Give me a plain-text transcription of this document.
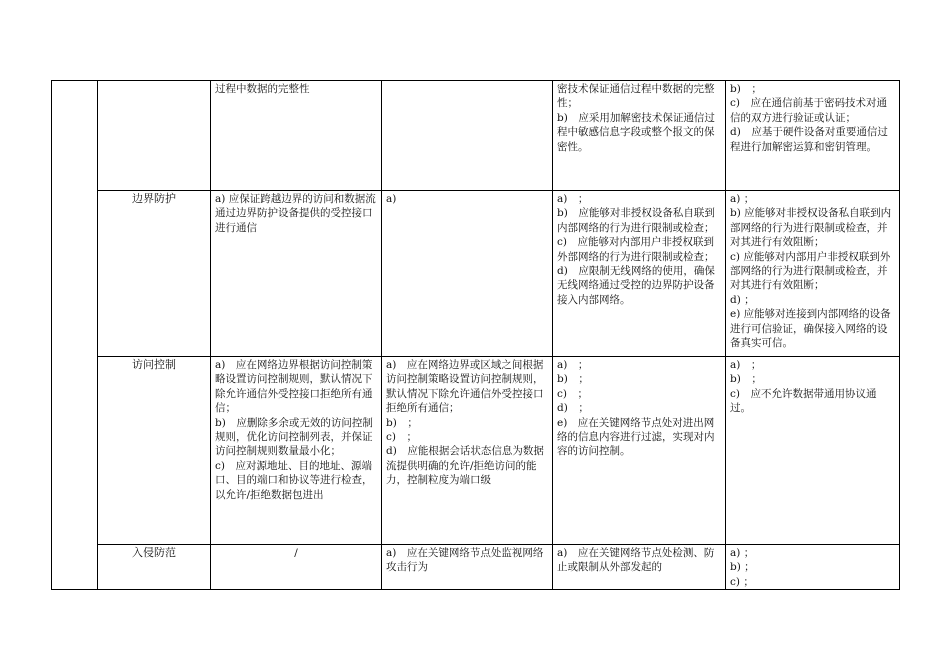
		过程中数据的完整性		密技术保证通信过程中数据的完整性；
b)　应采用加解密技术保证通信过程中敏感信息字段或整个报文的保密性。	b)　；
c)　应在通信前基于密码技术对通信的双方进行验证或认证；
d)　应基于硬件设备对重要通信过程进行加解密运算和密钥管理。

	边界防护	a) 应保证跨越边界的访问和数据流通过边界防护设备提供的受控接口进行通信	a)	a)　；
b)　应能够对非授权设备私自联到内部网络的行为进行限制或检查；
c)　应能够对内部用户非授权联到外部网络的行为进行限制或检查；
d)　应限制无线网络的使用，确保无线网络通过受控的边界防护设备接入内部网络。	a) ；
b) 应能够对非授权设备私自联到内部网络的行为进行限制或检查，并对其进行有效阻断；
c) 应能够对内部用户非授权联到外部网络的行为进行限制或检查，并对其进行有效阻断；
d) ；
e) 应能够对连接到内部网络的设备进行可信验证，确保接入网络的设备真实可信。

	访问控制	a)　应在网络边界根据访问控制策略设置访问控制规则，默认情况下除允许通信外受控接口拒绝所有通信；
b)　应删除多余或无效的访问控制规则，优化访问控制列表，并保证访问控制规则数量最小化；
c)　应对源地址、目的地址、源端口、目的端口和协议等进行检查，以允许/拒绝数据包进出	a)　应在网络边界或区域之间根据访问控制策略设置访问控制规则，默认情况下除允许通信外受控接口拒绝所有通信；
b)　；
c)　；
d)　应能根据会话状态信息为数据流提供明确的允许/拒绝访问的能力，控制粒度为端口级	a)　；
b)　；
c)　；
d)　；
e)　应在关键网络节点处对进出网络的信息内容进行过滤，实现对内容的访问控制。	a)　；
b)　；
c)　应不允许数据带通用协议通过。

	入侵防范	/	a)　应在关键网络节点处监视网络攻击行为	a)　应在关键网络节点处检测、防止或限制从外部发起的	a) ；
b) ；
c) ；
